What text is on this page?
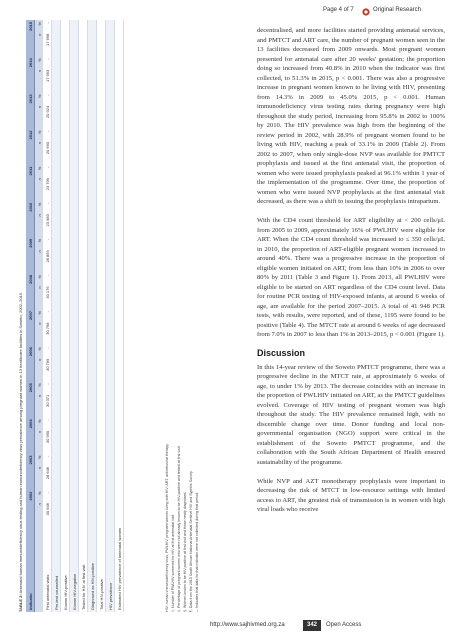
Page 4 of 7	Original Research
TABLE 2: Antenatal human immunodeficiency virus testing and human immunodeficiency virus prevalence among pregnant women in 13 healthcare facilities in Soweto, 2002–2015.
Indicator	2002		2003		2004		2005		2006		2007		2008		2009		2010		2011		2012		2013		2014		2015	
	n	%	n	%	n	%	n	%	n	%	n	%	n	%	n	%	n	%	n	%	n	%	n	%	n	%	n	%
First antenatal visits	30 946	-	28 646	-	30 990	-	30 371	-	30 799	-	30 798	-	30 176	-	28 859	-	23 983	-	23 799	-	20 690	-	20 924	-	17 953	-	17 698	-
Pre-test counselled																												
Known HIV-positive																												
Known HIV-negative																												
Tested for HIV at first visit																												
Diagnosed as HIV-positive																												
Total HIV-positive																												
HIV prevalence																												
Estimated HIV prevalence of antenatal women																													HIV, human immunodeficiency virus; PWLHIV, pregnant women living with HIV; ART, antiretroviral therapy. †, Number of PWLHIV screened for HIV at first antenatal visit. ‡, Percentage of pregnant women who were not already known to be HIV-positive and tested at first visit. §, Women known to be HIV-positive at first visit and those newly diagnosed. ¶, Data from the 2015 South African National Antenatal Sentinel HIV and Syphilis Survey. –, Indicates that data for that indicator were not collected during that period.

decentralised, and more facilities started providing antenatal services, and PMTCT and ART care, the number of pregnant women seen in the 13 facilities decreased from 2009 onwards. Most pregnant women presented for antenatal care after 20 weeks' gestation; the proportion doing so increased from 40.8% in 2010 when the indicator was first collected, to 51.3% in 2015, p < 0.001. There was also a progressive increase in pregnant women known to be living with HIV, presenting from 14.3% in 2009 to 45.0% 2015, p < 0.001. Human immunodeficiency virus testing rates during pregnancy were high throughout the study period, increasing from 95.8% in 2002 to 100% by 2010. The HIV prevalence was high from the beginning of the review period in 2002, with 28.9% of pregnant women found to be living with HIV, reaching a peak of 33.1% in 2009 (Table 2). From 2002 to 2007, when only single-dose NVP was available for PMTCT prophylaxis and issued at the first antenatal visit, the proportion of women who were issued prophylaxis peaked at 96.1% within 1 year of the implementation of the programme. Over time, the proportion of women who were issued NVP prophylaxis at the first antenatal visit decreased, as there was a shift to issuing the prophylaxis intrapartum.

With the CD4 count threshold for ART eligibility at < 200 cells/μL from 2005 to 2009, approximately 16% of PWLHIV were eligible for ART. When the CD4 count threshold was increased to ≤ 350 cells/μL in 2010, the proportion of ART-eligible pregnant women increased to around 40%. There was a progressive increase in the proportion of eligible women initiated on ART, from less than 10% in 2006 to over 80% by 2011 (Table 3 and Figure 1). From 2013, all PWLHIV were eligible to be started on ART regardless of the CD4 count level. Data for routine PCR testing of HIV-exposed infants, at around 6 weeks of age, are available for the period 2007–2015. A total of 41 948 PCR tests, with results, were reported, and of these, 1195 were found to be positive (Table 4). The MTCT rate at around 6 weeks of age decreased from 7.0% in 2007 to less than 1% in 2013–2015, p < 0.001 (Figure 1).

Discussion

In this 14-year review of the Soweto PMTCT programme, there was a progressive decline in the MTCT rate, at approximately 6 weeks of age, to under 1% by 2013. The decrease coincides with an increase in the proportion of PWLHIV initiated on ART, as the PMTCT guidelines evolved. Coverage of HIV testing of pregnant women was high throughout the study. The HIV prevalence remained high, with no discernible change over time. Donor funding and local non-governmental organisation (NGO) support were critical in the establishment of the Soweto PMTCT programme, and the collaboration with the South African Department of Health ensured sustainability of the programme.

While NVP and AZT monotherapy prophylaxis were important in decreasing the risk of MTCT in low-resource settings with limited access to ART, the greatest risk of transmission is in women with high viral loads who receive

http://www.sajhivmed.org.za	342	Open Access
